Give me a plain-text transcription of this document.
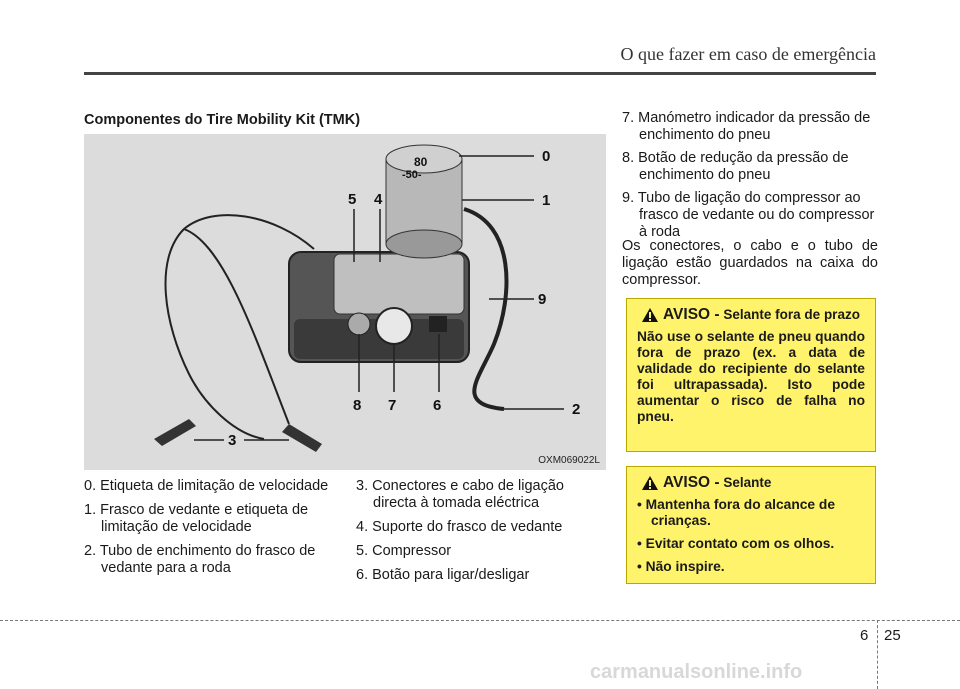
O que fazer em caso de emergência
Componentes do Tire Mobility Kit (TMK)
80
-50-
0
1
2
3
4
5
6
7
8
9
OXM069022L
0. Etiqueta de limitação de velocidade
1. Frasco de vedante e etiqueta de limitação de velocidade
2. Tubo de enchimento do frasco de vedante para a roda
3. Conectores e cabo de ligação directa à tomada eléctrica
4. Suporte do frasco de vedante
5. Compressor
6. Botão para ligar/desligar
7. Manómetro indicador da pressão de enchimento do pneu
8. Botão de redução da pressão de enchimento do pneu
9. Tubo de ligação do compressor ao frasco de vedante ou do compressor à roda
Os conectores, o cabo e o tubo de ligação estão guardados na caixa do compressor.
AVISO - Selante fora de prazo
Não use o selante de pneu quando fora de prazo (ex. a data de validade do recipiente do selante foi ultrapassada). Isto pode aumentar o risco de falha no pneu.
AVISO - Selante
• Mantenha fora do alcance de crianças.
• Evitar contato com os olhos.
• Não inspire.
6 25
carmanualsonline.info
